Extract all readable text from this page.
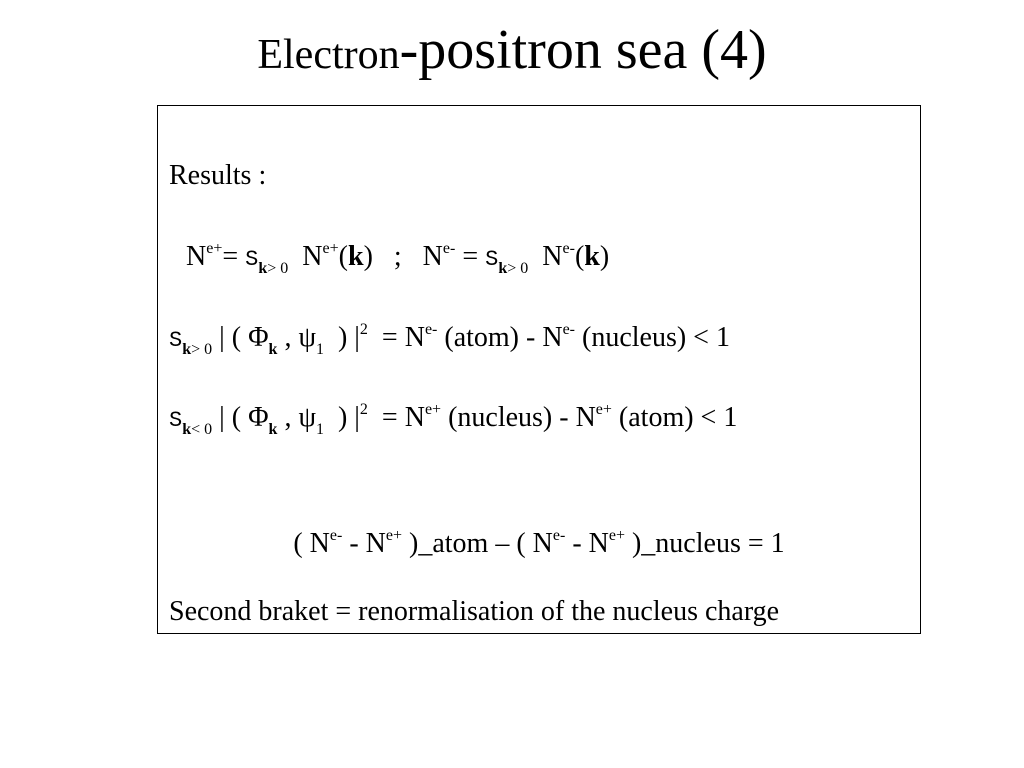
Electron-positron sea (4)
Results :
$N^{e+}= S_{k> 0}$ $N^{e+}(k)$ ; $N^{e-} = S_{k> 0}$ $N^{e-}(k)$
$S_{k> 0}$ | ( $\Phi_k$ , $\psi_1$ ) $|^2 = N^{e-}$ (atom) - $N^{e-}$ (nucleus) < 1
$S_{k< 0}$ | ( $\Phi_k$ , $\psi_1$ ) $|^2 = N^{e+}$ (nucleus) - $N^{e+}$ (atom) < 1
( $N^{e-} - N^{e+}$ )_atom – ( $N^{e-} - N^{e+}$ )_nucleus = 1
Second braket = renormalisation of the nucleus charge
